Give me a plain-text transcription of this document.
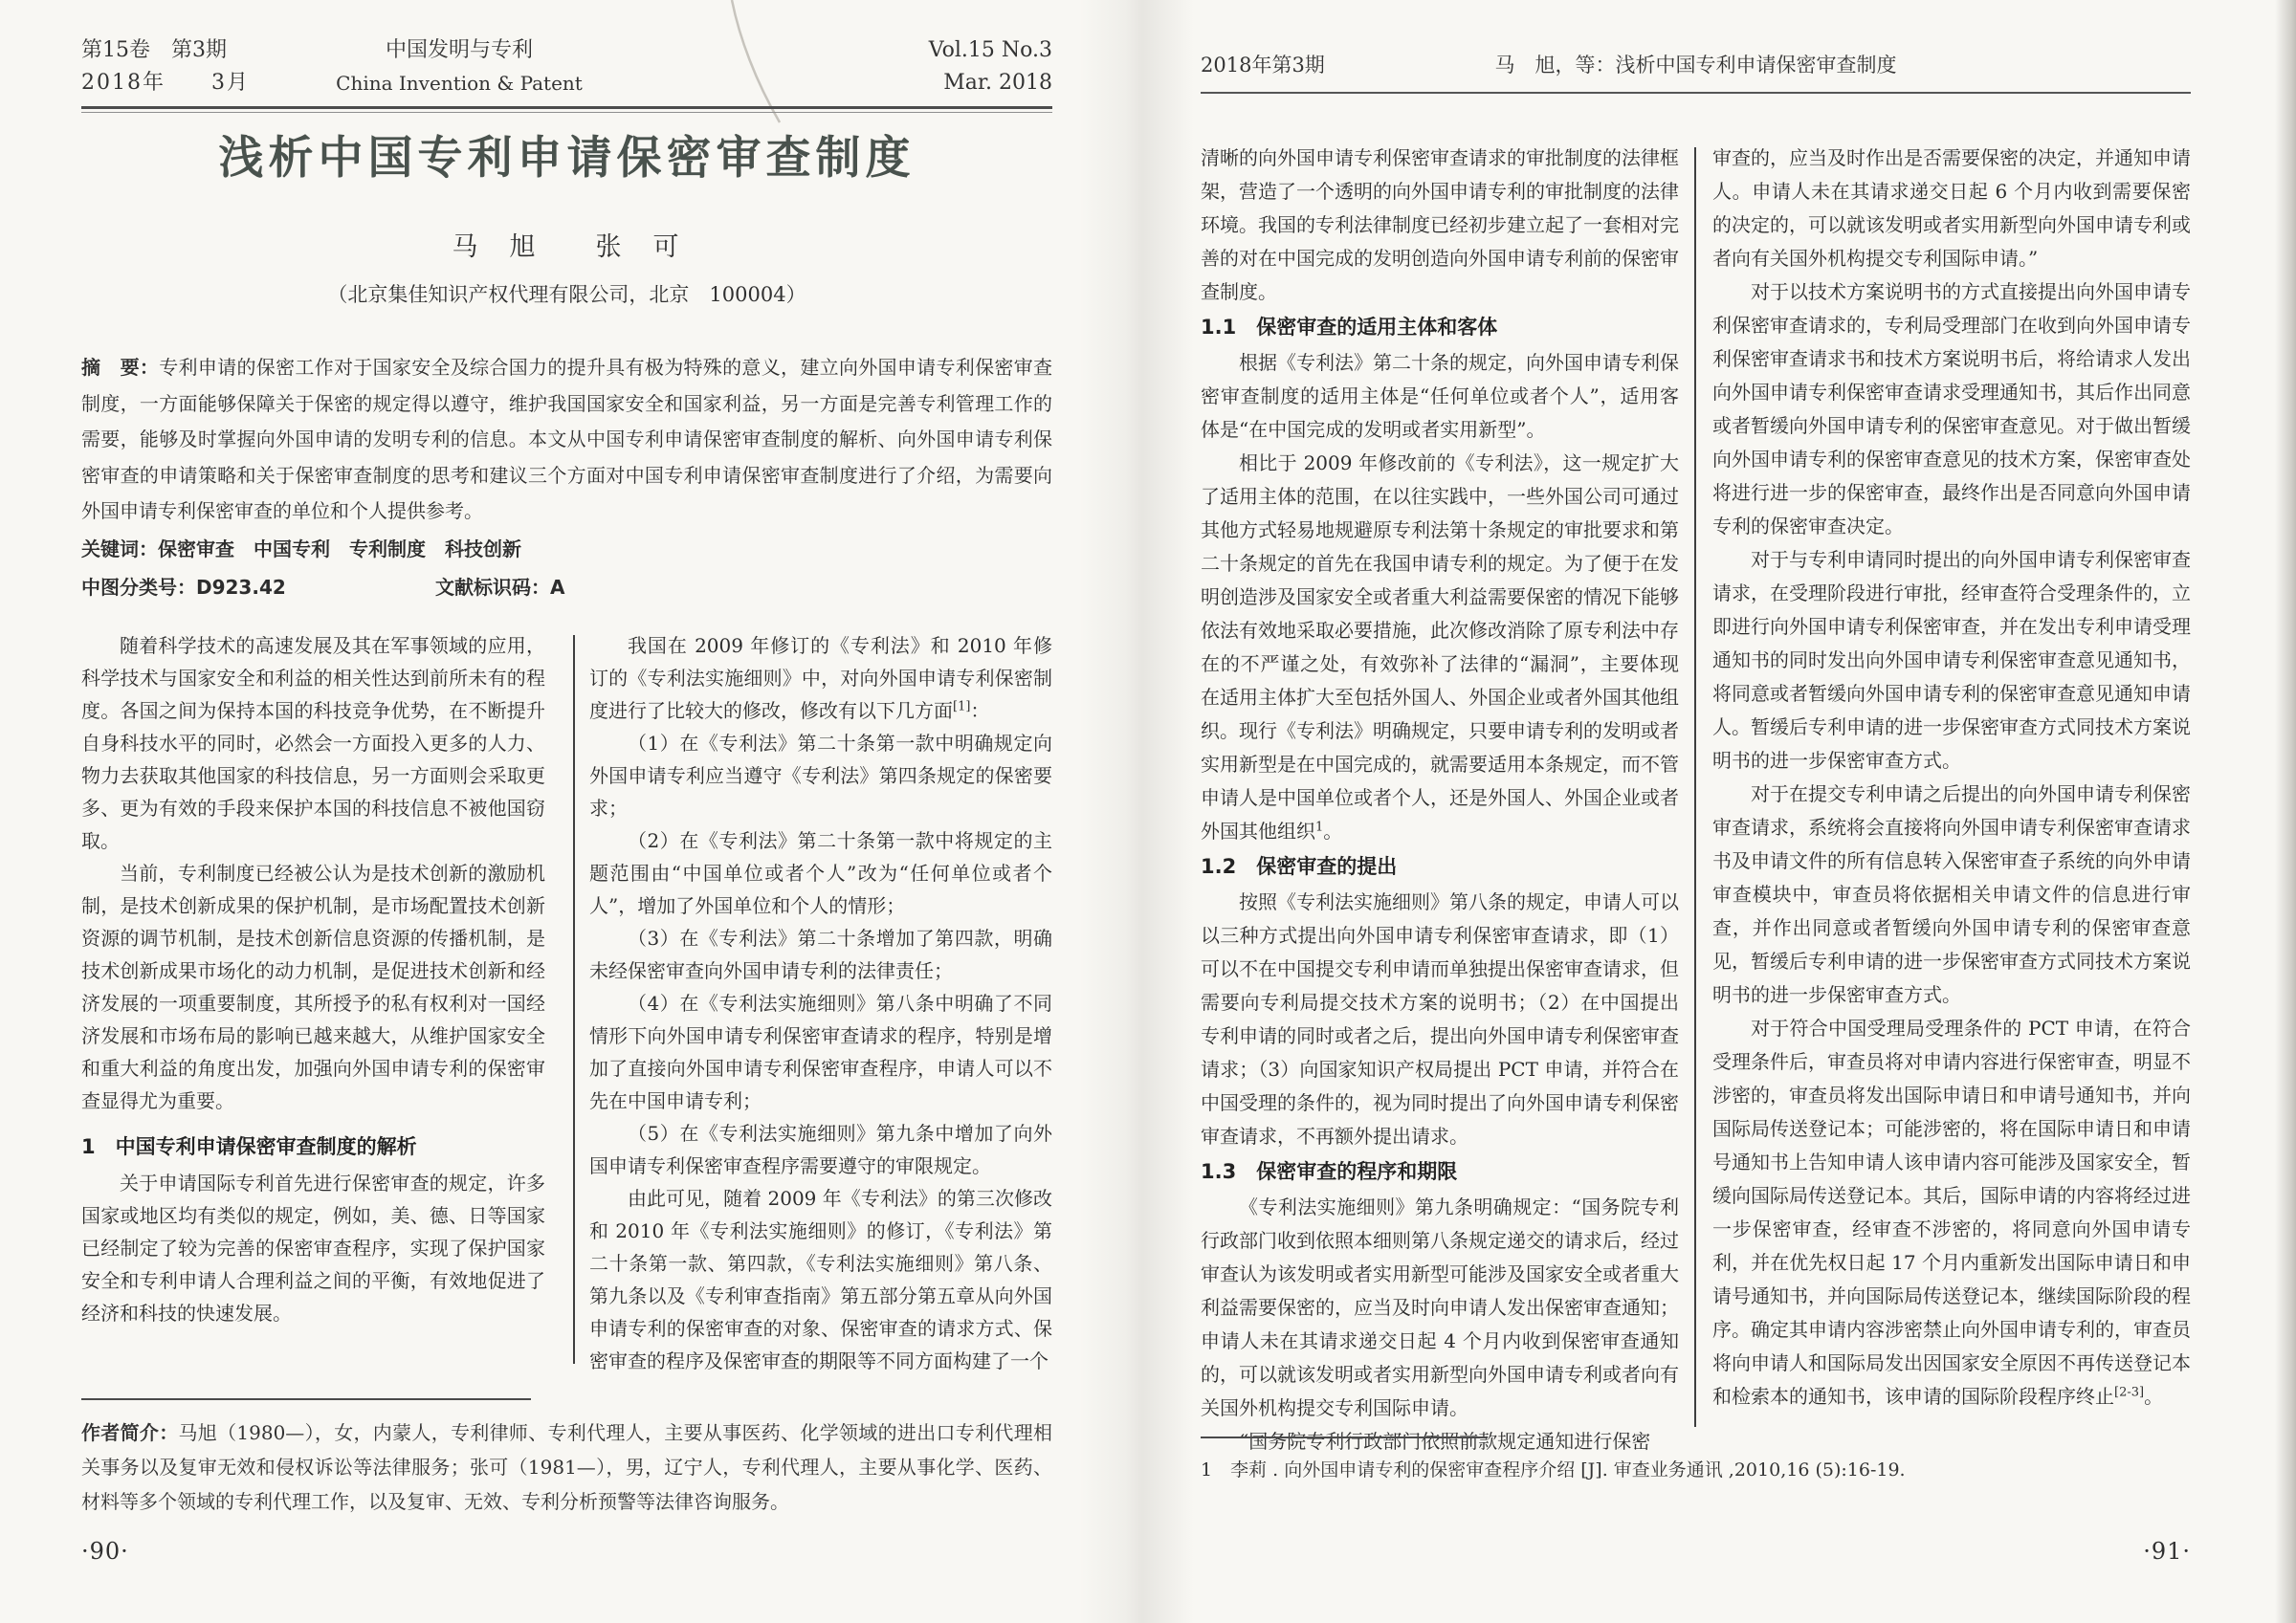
第15卷　第3期
2018年　　3月
中国发明与专利
China Invention & Patent
Vol.15 No.3
Mar. 2018
浅析中国专利申请保密审查制度
马　旭　　张　可
（北京集佳知识产权代理有限公司，北京　100004）
摘　要：专利申请的保密工作对于国家安全及综合国力的提升具有极为特殊的意义，建立向外国申请专利保密审查制度，一方面能够保障关于保密的规定得以遵守，维护我国国家安全和国家利益，另一方面是完善专利管理工作的需要，能够及时掌握向外国申请的发明专利的信息。本文从中国专利申请保密审查制度的解析、向外国申请专利保密审查的申请策略和关于保密审查制度的思考和建议三个方面对中国专利申请保密审查制度进行了介绍，为需要向外国申请专利保密审查的单位和个人提供参考。
关键词：保密审查　中国专利　专利制度　科技创新
中图分类号：D923.42	文献标识码：A

随着科学技术的高速发展及其在军事领域的应用，科学技术与国家安全和利益的相关性达到前所未有的程度。各国之间为保持本国的科技竞争优势，在不断提升自身科技水平的同时，必然会一方面投入更多的人力、物力去获取其他国家的科技信息，另一方面则会采取更多、更为有效的手段来保护本国的科技信息不被他国窃取。

当前，专利制度已经被公认为是技术创新的激励机制，是技术创新成果的保护机制，是市场配置技术创新资源的调节机制，是技术创新信息资源的传播机制，是技术创新成果市场化的动力机制，是促进技术创新和经济发展的一项重要制度，其所授予的私有权利对一国经济发展和市场布局的影响已越来越大，从维护国家安全和重大利益的角度出发，加强向外国申请专利的保密审查显得尤为重要。

1　中国专利申请保密审查制度的解析

关于申请国际专利首先进行保密审查的规定，许多国家或地区均有类似的规定，例如，美、德、日等国家已经制定了较为完善的保密审查程序，实现了保护国家安全和专利申请人合理利益之间的平衡，有效地促进了经济和科技的快速发展。

我国在 2009 年修订的《专利法》和 2010 年修订的《专利法实施细则》中，对向外国申请专利保密制度进行了比较大的修改，修改有以下几方面[1]：

（1）在《专利法》第二十条第一款中明确规定向外国申请专利应当遵守《专利法》第四条规定的保密要求；

（2）在《专利法》第二十条第一款中将规定的主题范围由“中国单位或者个人”改为“任何单位或者个人”，增加了外国单位和个人的情形；

（3）在《专利法》第二十条增加了第四款，明确未经保密审查向外国申请专利的法律责任；

（4）在《专利法实施细则》第八条中明确了不同情形下向外国申请专利保密审查请求的程序，特别是增加了直接向外国申请专利保密审查程序，申请人可以不先在中国申请专利；

（5）在《专利法实施细则》第九条中增加了向外国申请专利保密审查程序需要遵守的审限规定。

由此可见，随着 2009 年《专利法》的第三次修改和 2010 年《专利法实施细则》的修订，《专利法》第二十条第一款、第四款，《专利法实施细则》第八条、第九条以及《专利审查指南》第五部分第五章从向外国申请专利的保密审查的对象、保密审查的请求方式、保密审查的程序及保密审查的期限等不同方面构建了一个

作者简介：马旭（1980—），女，内蒙人，专利律师、专利代理人，主要从事医药、化学领域的进出口专利代理相关事务以及复审无效和侵权诉讼等法律服务；张可（1981—），男，辽宁人，专利代理人，主要从事化学、医药、材料等多个领域的专利代理工作，以及复审、无效、专利分析预警等法律咨询服务。
·90·
马　旭，等：浅析中国专利申请保密审查制度
2018年第3期

清晰的向外国申请专利保密审查请求的审批制度的法律框架，营造了一个透明的向外国申请专利的审批制度的法律环境。我国的专利法律制度已经初步建立起了一套相对完善的对在中国完成的发明创造向外国申请专利前的保密审查制度。

1.1　保密审查的适用主体和客体

根据《专利法》第二十条的规定，向外国申请专利保密审查制度的适用主体是“任何单位或者个人”，适用客体是“在中国完成的发明或者实用新型”。

相比于 2009 年修改前的《专利法》，这一规定扩大了适用主体的范围，在以往实践中，一些外国公司可通过其他方式轻易地规避原专利法第十条规定的审批要求和第二十条规定的首先在我国申请专利的规定。为了便于在发明创造涉及国家安全或者重大利益需要保密的情况下能够依法有效地采取必要措施，此次修改消除了原专利法中存在的不严谨之处，有效弥补了法律的“漏洞”，主要体现在适用主体扩大至包括外国人、外国企业或者外国其他组织。现行《专利法》明确规定，只要申请专利的发明或者实用新型是在中国完成的，就需要适用本条规定，而不管申请人是中国单位或者个人，还是外国人、外国企业或者外国其他组织$^1$。

1.2　保密审查的提出

按照《专利法实施细则》第八条的规定，申请人可以以三种方式提出向外国申请专利保密审查请求，即（1）可以不在中国提交专利申请而单独提出保密审查请求，但需要向专利局提交技术方案的说明书；（2）在中国提出专利申请的同时或者之后，提出向外国申请专利保密审查请求；（3）向国家知识产权局提出 PCT 申请，并符合在中国受理的条件的，视为同时提出了向外国申请专利保密审查请求，不再额外提出请求。

1.3　保密审查的程序和期限

《专利法实施细则》第九条明确规定：“国务院专利行政部门收到依照本细则第八条规定递交的请求后，经过审查认为该发明或者实用新型可能涉及国家安全或者重大利益需要保密的，应当及时向申请人发出保密审查通知；申请人未在其请求递交日起 4 个月内收到保密审查通知的，可以就该发明或者实用新型向外国申请专利或者向有关国外机构提交专利国际申请。

“国务院专利行政部门依照前款规定通知进行保密

审查的，应当及时作出是否需要保密的决定，并通知申请人。申请人未在其请求递交日起 6 个月内收到需要保密的决定的，可以就该发明或者实用新型向外国申请专利或者向有关国外机构提交专利国际申请。”

对于以技术方案说明书的方式直接提出向外国申请专利保密审查请求的，专利局受理部门在收到向外国申请专利保密审查请求书和技术方案说明书后，将给请求人发出向外国申请专利保密审查请求受理通知书，其后作出同意或者暂缓向外国申请专利的保密审查意见。对于做出暂缓向外国申请专利的保密审查意见的技术方案，保密审查处将进行进一步的保密审查，最终作出是否同意向外国申请专利的保密审查决定。

对于与专利申请同时提出的向外国申请专利保密审查请求，在受理阶段进行审批，经审查符合受理条件的，立即进行向外国申请专利保密审查，并在发出专利申请受理通知书的同时发出向外国申请专利保密审查意见通知书，将同意或者暂缓向外国申请专利的保密审查意见通知申请人。暂缓后专利申请的进一步保密审查方式同技术方案说明书的进一步保密审查方式。

对于在提交专利申请之后提出的向外国申请专利保密审查请求，系统将会直接将向外国申请专利保密审查请求书及申请文件的所有信息转入保密审查子系统的向外申请审查模块中，审查员将依据相关申请文件的信息进行审查，并作出同意或者暂缓向外国申请专利的保密审查意见，暂缓后专利申请的进一步保密审查方式同技术方案说明书的进一步保密审查方式。

对于符合中国受理局受理条件的 PCT 申请，在符合受理条件后，审查员将对申请内容进行保密审查，明显不涉密的，审查员将发出国际申请日和申请号通知书，并向国际局传送登记本；可能涉密的，将在国际申请日和申请号通知书上告知申请人该申请内容可能涉及国家安全，暂缓向国际局传送登记本。其后，国际申请的内容将经过进一步保密审查，经审查不涉密的，将同意向外国申请专利，并在优先权日起 17 个月内重新发出国际申请日和申请号通知书，并向国际局传送登记本，继续国际阶段的程序。确定其申请内容涉密禁止向外国申请专利的，审查员将向申请人和国际局发出因国家安全原因不再传送登记本和检索本的通知书，该申请的国际阶段程序终止[2-3]。

1　李莉 . 向外国申请专利的保密审查程序介绍 [J]. 审查业务通讯 ,2010,16 (5):16-19.
·91·
